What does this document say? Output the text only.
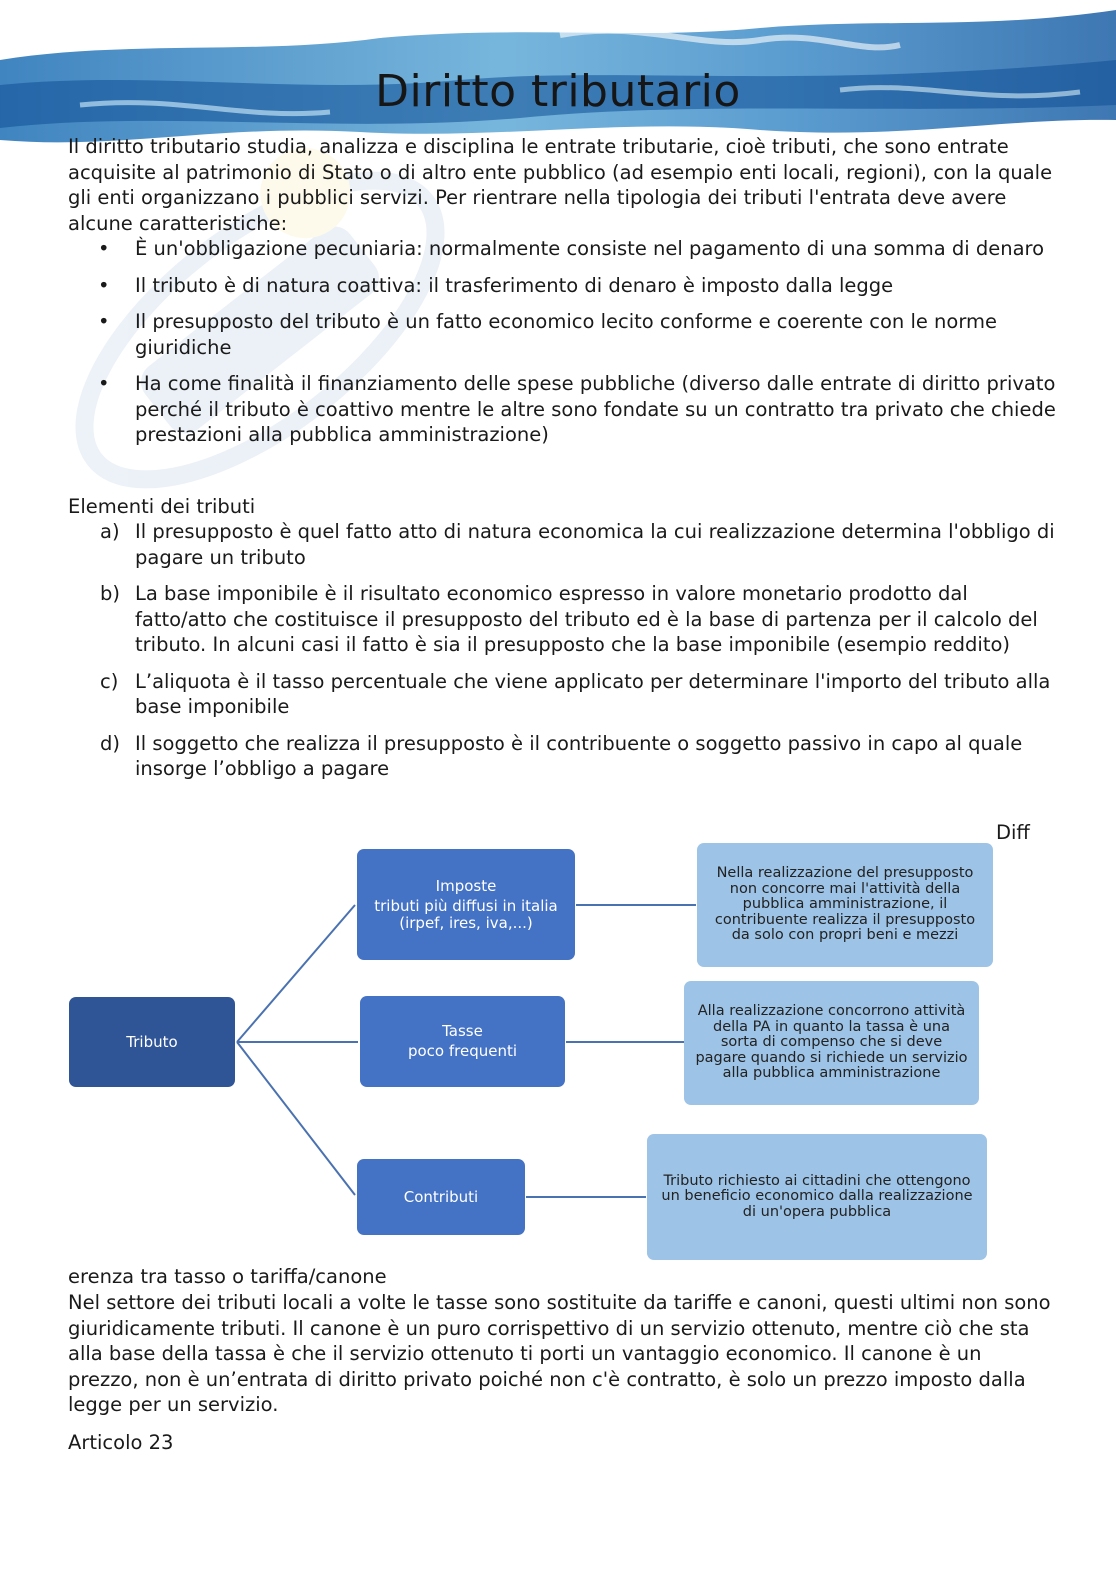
Diritto tributario

Il diritto tributario studia, analizza e disciplina le entrate tributarie, cioè tributi, che sono entrate acquisite al patrimonio di Stato o di altro ente pubblico (ad esempio enti locali, regioni), con la quale gli enti organizzano i pubblici servizi. Per rientrare nella tipologia dei tributi l'entrata deve avere alcune caratteristiche:

• È un'obbligazione pecuniaria: normalmente consiste nel pagamento di una somma di denaro
• Il tributo è di natura coattiva: il trasferimento di denaro è imposto dalla legge
• Il presupposto del tributo è un fatto economico lecito conforme e coerente con le norme giuridiche
• Ha come finalità il finanziamento delle spese pubbliche (diverso dalle entrate di diritto privato perché il tributo è coattivo mentre le altre sono fondate su un contratto tra privato che chiede prestazioni alla pubblica amministrazione)

Elementi dei tributi

a) Il presupposto è quel fatto atto di natura economica la cui realizzazione determina l'obbligo di pagare un tributo
b) La base imponibile è il risultato economico espresso in valore monetario prodotto dal fatto/atto che costituisce il presupposto del tributo ed è la base di partenza per il calcolo del tributo. In alcuni casi il fatto è sia il presupposto che la base imponibile (esempio reddito)
c) L’aliquota è il tasso percentuale che viene applicato per determinare l'importo del tributo alla base imponibile
d) Il soggetto che realizza il presupposto è il contribuente o soggetto passivo in capo al quale insorge l’obbligo a pagare
Diff
Tributo
Imposte
tributi più diffusi in italia (irpef, ires, iva,...)
Tasse
poco frequenti
Contributi
Nella realizzazione del presupposto non concorre mai l'attività della pubblica amministrazione, il contribuente realizza il presupposto da solo con propri beni e mezzi
Alla realizzazione concorrono attività della PA in quanto la tassa è una sorta di compenso che si deve pagare quando si richiede un servizio alla pubblica amministrazione
Tributo richiesto ai cittadini che ottengono un beneficio economico dalla realizzazione di un'opera pubblica

erenza tra tasso o tariffa/canone

Nel settore dei tributi locali a volte le tasse sono sostituite da tariffe e canoni, questi ultimi non sono giuridicamente tributi. Il canone è un puro corrispettivo di un servizio ottenuto, mentre ciò che sta alla base della tassa è che il servizio ottenuto ti porti un vantaggio economico. Il canone è un prezzo, non è un’entrata di diritto privato poiché non c'è contratto, è solo un prezzo imposto dalla legge per un servizio.

Articolo 23
